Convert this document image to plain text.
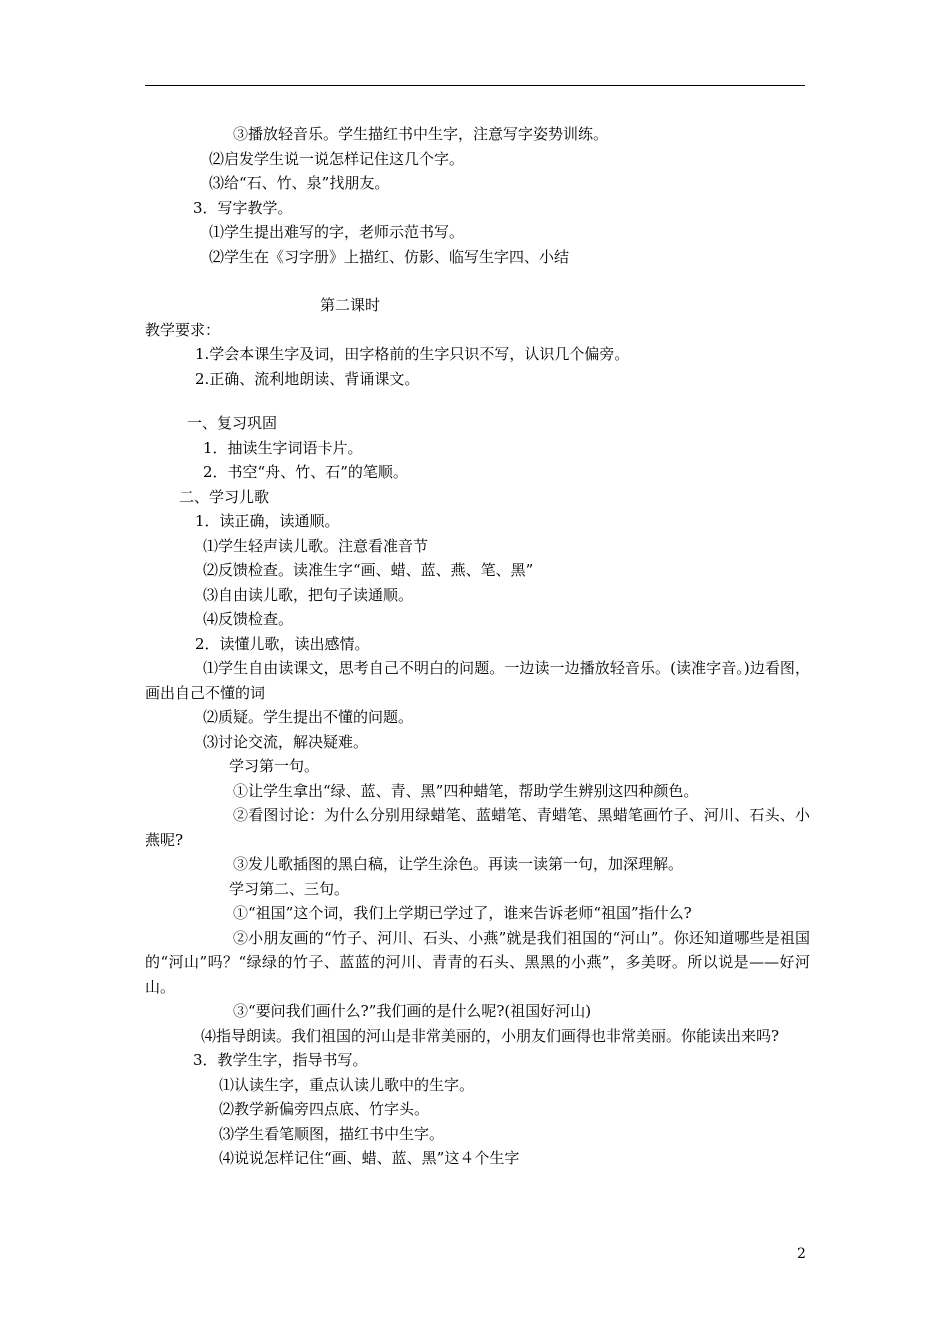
③播放轻音乐。学生描红书中生字，注意写字姿势训练。

⑵启发学生说一说怎样记住这几个字。

⑶给“石、竹、泉”找朋友。

3．写字教学。

⑴学生提出难写的字，老师示范书写。

⑵学生在《习字册》上描红、仿影、临写生字四、小结

第二课时

教学要求：

1.学会本课生字及词，田字格前的生字只识不写，认识几个偏旁。

2.正确、流利地朗读、背诵课文。

一、复习巩固

1．抽读生字词语卡片。

2．书空“舟、竹、石”的笔顺。

二、学习儿歌

1．读正确，读通顺。

⑴学生轻声读儿歌。注意看准音节

⑵反馈检查。读准生字“画、蜡、蓝、燕、笔、黑”

⑶自由读儿歌，把句子读通顺。

⑷反馈检查。

2．读懂儿歌，读出感情。

⑴学生自由读课文，思考自己不明白的问题。一边读一边播放轻音乐。(读准字音。)边看图，画出自己不懂的词

⑵质疑。学生提出不懂的问题。

⑶讨论交流，解决疑难。

学习第一句。

①让学生拿出“绿、蓝、青、黑”四种蜡笔，帮助学生辨别这四种颜色。

②看图讨论：为什么分别用绿蜡笔、蓝蜡笔、青蜡笔、黑蜡笔画竹子、河川、石头、小燕呢?

③发儿歌插图的黑白稿，让学生涂色。再读一读第一句，加深理解。

学习第二、三句。

①“祖国”这个词，我们上学期已学过了，谁来告诉老师“祖国”指什么?

②小朋友画的“竹子、河川、石头、小燕”就是我们祖国的“河山”。你还知道哪些是祖国的“河山”吗？“绿绿的竹子、蓝蓝的河川、青青的石头、黑黑的小燕”，多美呀。所以说是——好河山。

③“要问我们画什么?”我们画的是什么呢?(祖国好河山)

⑷指导朗读。我们祖国的河山是非常美丽的，小朋友们画得也非常美丽。你能读出来吗?

3．教学生字，指导书写。

⑴认读生字，重点认读儿歌中的生字。

⑵教学新偏旁四点底、竹字头。

⑶学生看笔顺图，描红书中生字。

⑷说说怎样记住“画、蜡、蓝、黑”这４个生字

2
